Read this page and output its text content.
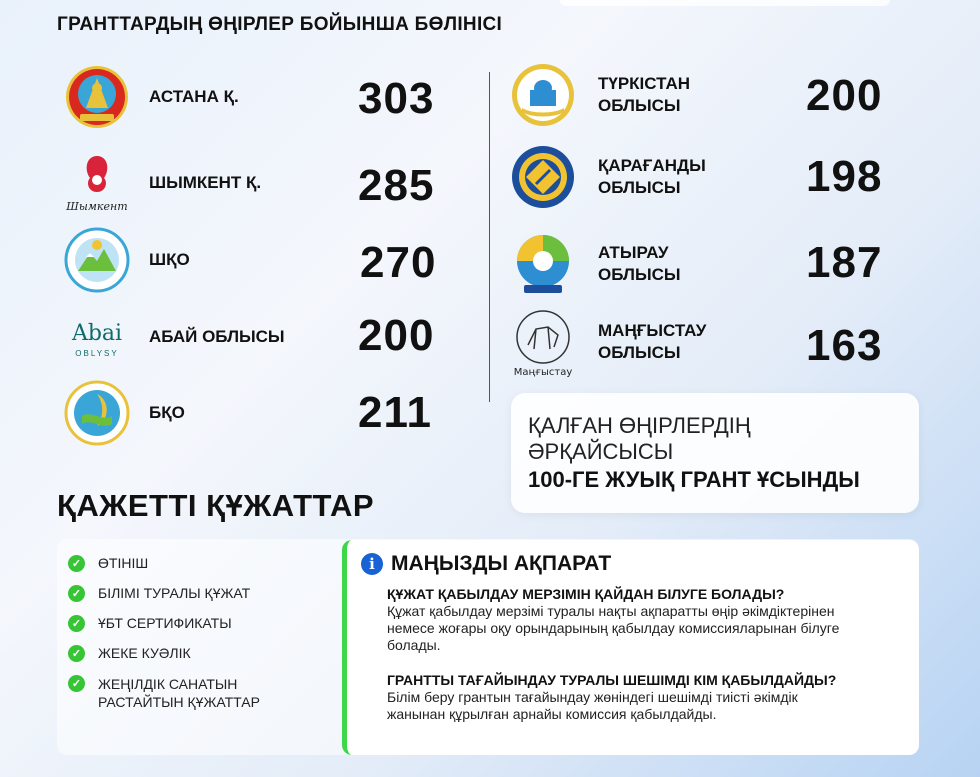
ГРАНТТАРДЫҢ ӨҢІРЛЕР БОЙЫНША БӨЛІНІСІ
АСТАНА Қ.	303
Шымкент
ШЫМКЕНТ Қ. 285
ШҚО	270
Abai
OBLYSY
АБАЙ ОБЛЫСЫ 200
БҚО	211
ТҮРКІСТАН
ОБЛЫСЫ	200
ҚАРАҒАНДЫ
ОБЛЫСЫ	198
АТЫРАУ
ОБЛЫСЫ	187
Маңғыстау
МАҢҒЫСТАУ
ОБЛЫСЫ	163
ҚАЛҒАН ӨҢІРЛЕРДІҢ
ӘРҚАЙСЫСЫ
100-ГЕ ЖУЫҚ ГРАНТ ҰСЫНДЫ
ҚАЖЕТТІ ҚҰЖАТТАР
✓ ӨТІНІШ
✓ БІЛІМІ ТУРАЛЫ ҚҰЖАТ
✓ ҰБТ СЕРТИФИКАТЫ
✓ ЖЕКЕ КУӘЛІК
✓ ЖЕҢІЛДІК САНАТЫН
РАСТАЙТЫН ҚҰЖАТТАР
i МАҢЫЗДЫ АҚПАРАТ
ҚҰЖАТ ҚАБЫЛДАУ МЕРЗІМІН ҚАЙДАН БІЛУГЕ БОЛАДЫ?
Құжат қабылдау мерзімі туралы нақты ақпаратты өңір әкімдіктерінен немесе жоғары оқу орындарының қабылдау комиссияларынан білуге болады.
ГРАНТТЫ ТАҒАЙЫНДАУ ТУРАЛЫ ШЕШІМДІ КІМ ҚАБЫЛДАЙДЫ?
Білім беру грантын тағайындау жөніндегі шешімді тиісті әкімдік жанынан құрылған арнайы комиссия қабылдайды.
